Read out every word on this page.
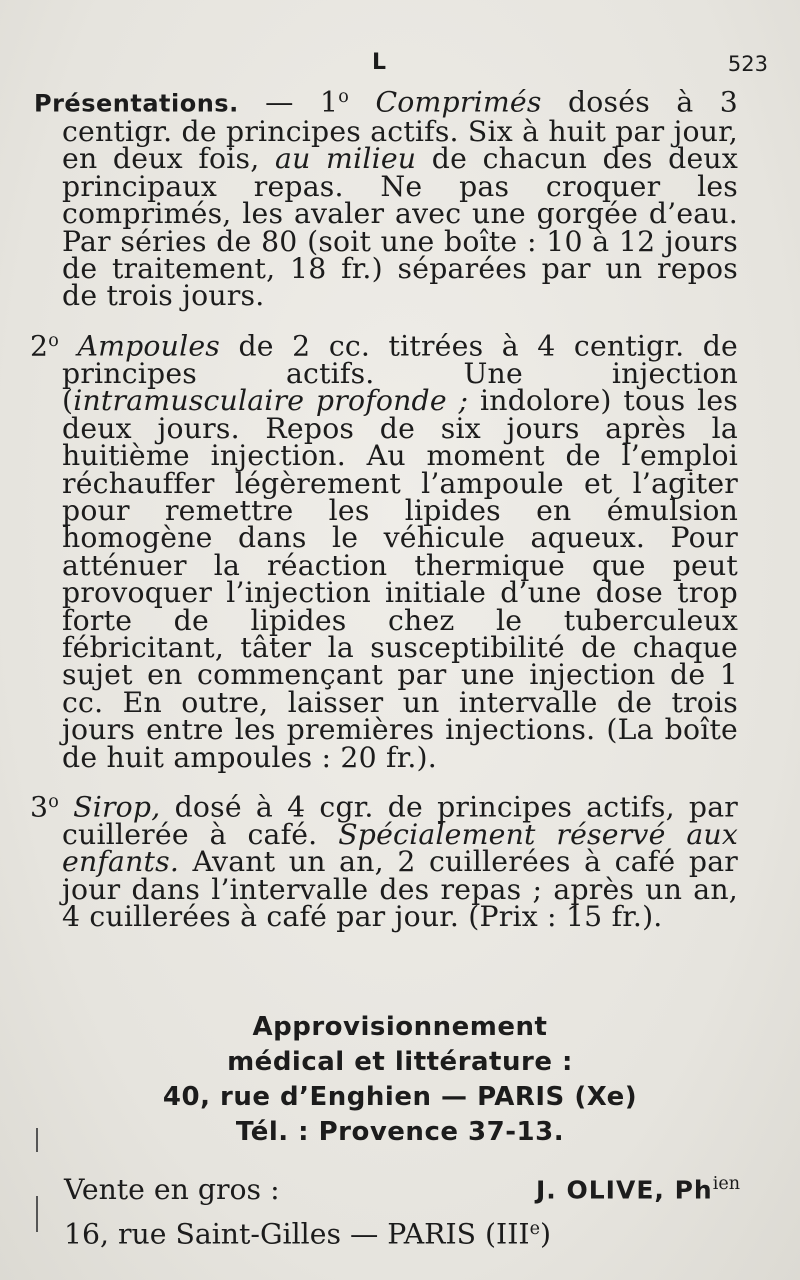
L	523

Présentations. — 1$^o$ Comprimés dosés à 3 centigr. de principes actifs. Six à huit par jour, en deux fois, au milieu de chacun des deux principaux repas. Ne pas croquer les comprimés, les avaler avec une gorgée d’eau. Par séries de 80 (soit une boîte : 10 à 12 jours de traitement, 18 fr.) séparées par un repos de trois jours.

2$^o$ Ampoules de 2 cc. titrées à 4 centigr. de principes actifs. Une injection (intramusculaire profonde ; indolore) tous les deux jours. Repos de six jours après la huitième injection. Au moment de l’emploi réchauffer légèrement l’ampoule et l’agiter pour remettre les lipides en émulsion homogène dans le véhicule aqueux. Pour atténuer la réaction thermique que peut provoquer l’injection initiale d’une dose trop forte de lipides chez le tuberculeux fébricitant, tâter la susceptibilité de chaque sujet en commençant par une injection de 1 cc. En outre, laisser un intervalle de trois jours entre les premières injections. (La boîte de huit ampoules : 20 fr.).

3$^o$ Sirop, dosé à 4 cgr. de principes actifs, par cuillerée à café. Spécialement réservé aux enfants. Avant un an, 2 cuillerées à café par jour dans l’intervalle des repas ; après un an, 4 cuillerées à café par jour. (Prix : 15 fr.).

Approvisionnement
médical et littérature :
40, rue d’Enghien — PARIS (Xe)
Tél. : Provence 37-13.
Vente en gros :	J. OLIVE, $Ph^{ien}$
16, rue Saint-Gilles — PARIS (IIIe)
